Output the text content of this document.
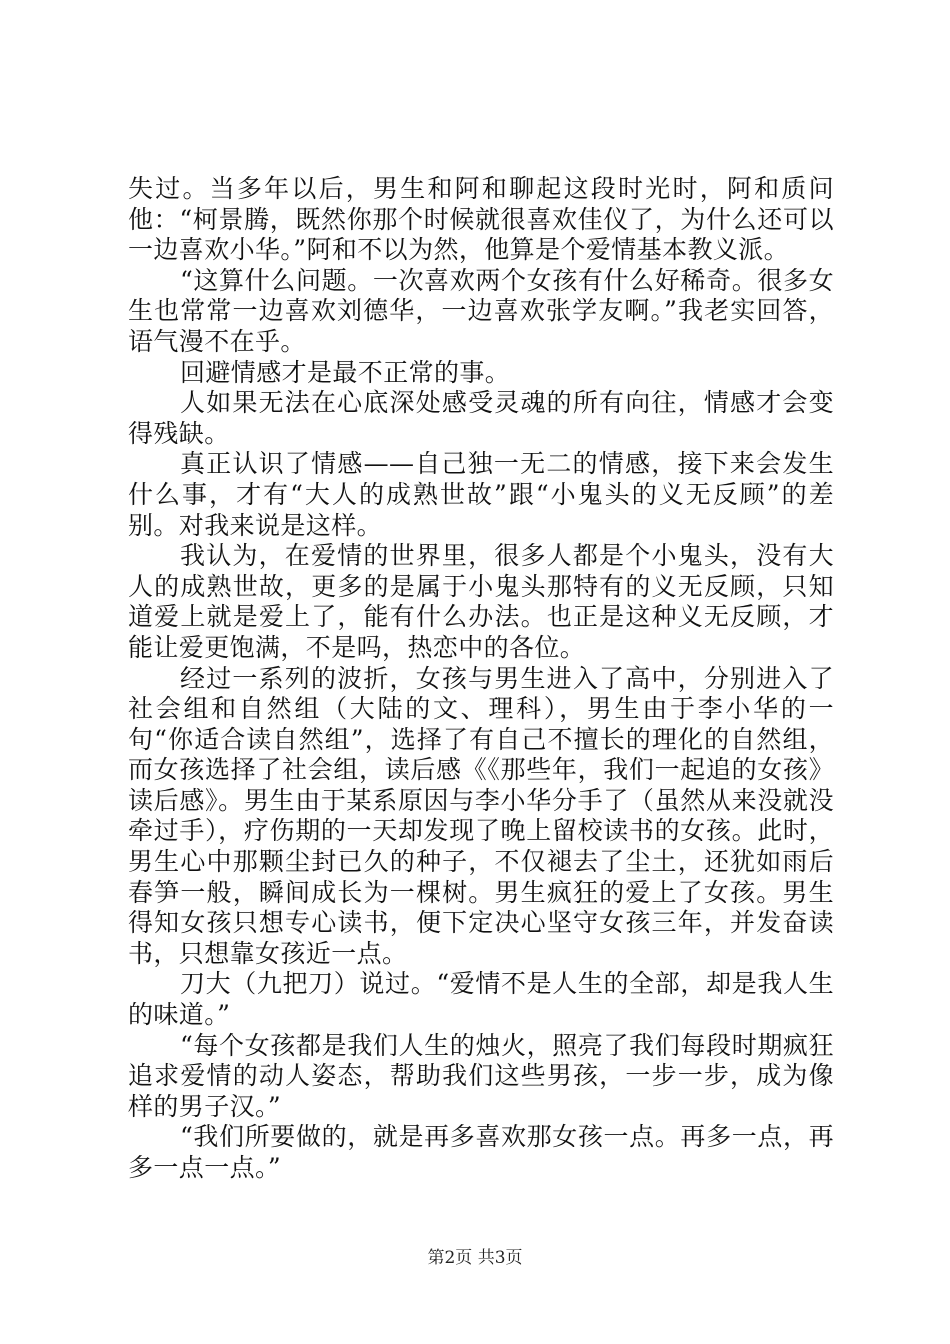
失过。当多年以后，男生和阿和聊起这段时光时，阿和质问他：“柯景腾，既然你那个时候就很喜欢佳仪了，为什么还可以一边喜欢小华。”阿和不以为然，他算是个爱情基本教义派。

“这算什么问题。一次喜欢两个女孩有什么好稀奇。很多女生也常常一边喜欢刘德华，一边喜欢张学友啊。”我老实回答，语气漫不在乎。

回避情感才是最不正常的事。

人如果无法在心底深处感受灵魂的所有向往，情感才会变得残缺。

真正认识了情感——自己独一无二的情感，接下来会发生什么事，才有“大人的成熟世故”跟“小鬼头的义无反顾”的差别。对我来说是这样。

我认为，在爱情的世界里，很多人都是个小鬼头，没有大人的成熟世故，更多的是属于小鬼头那特有的义无反顾，只知道爱上就是爱上了，能有什么办法。也正是这种义无反顾，才能让爱更饱满，不是吗，热恋中的各位。

经过一系列的波折，女孩与男生进入了高中，分别进入了社会组和自然组（大陆的文、理科），男生由于李小华的一句“你适合读自然组”，选择了有自己不擅长的理化的自然组，而女孩选择了社会组，读后感《《那些年，我们一起追的女孩》读后感》。男生由于某系原因与李小华分手了（虽然从来没就没牵过手），疗伤期的一天却发现了晚上留校读书的女孩。此时，男生心中那颗尘封已久的种子，不仅褪去了尘土，还犹如雨后春笋一般，瞬间成长为一棵树。男生疯狂的爱上了女孩。男生得知女孩只想专心读书，便下定决心坚守女孩三年，并发奋读书，只想靠女孩近一点。

刀大（九把刀）说过。“爱情不是人生的全部，却是我人生的味道。”

“每个女孩都是我们人生的烛火，照亮了我们每段时期疯狂追求爱情的动人姿态，帮助我们这些男孩，一步一步，成为像样的男子汉。”

“我们所要做的，就是再多喜欢那女孩一点。再多一点，再多一点一点。”

第2页 共3页
